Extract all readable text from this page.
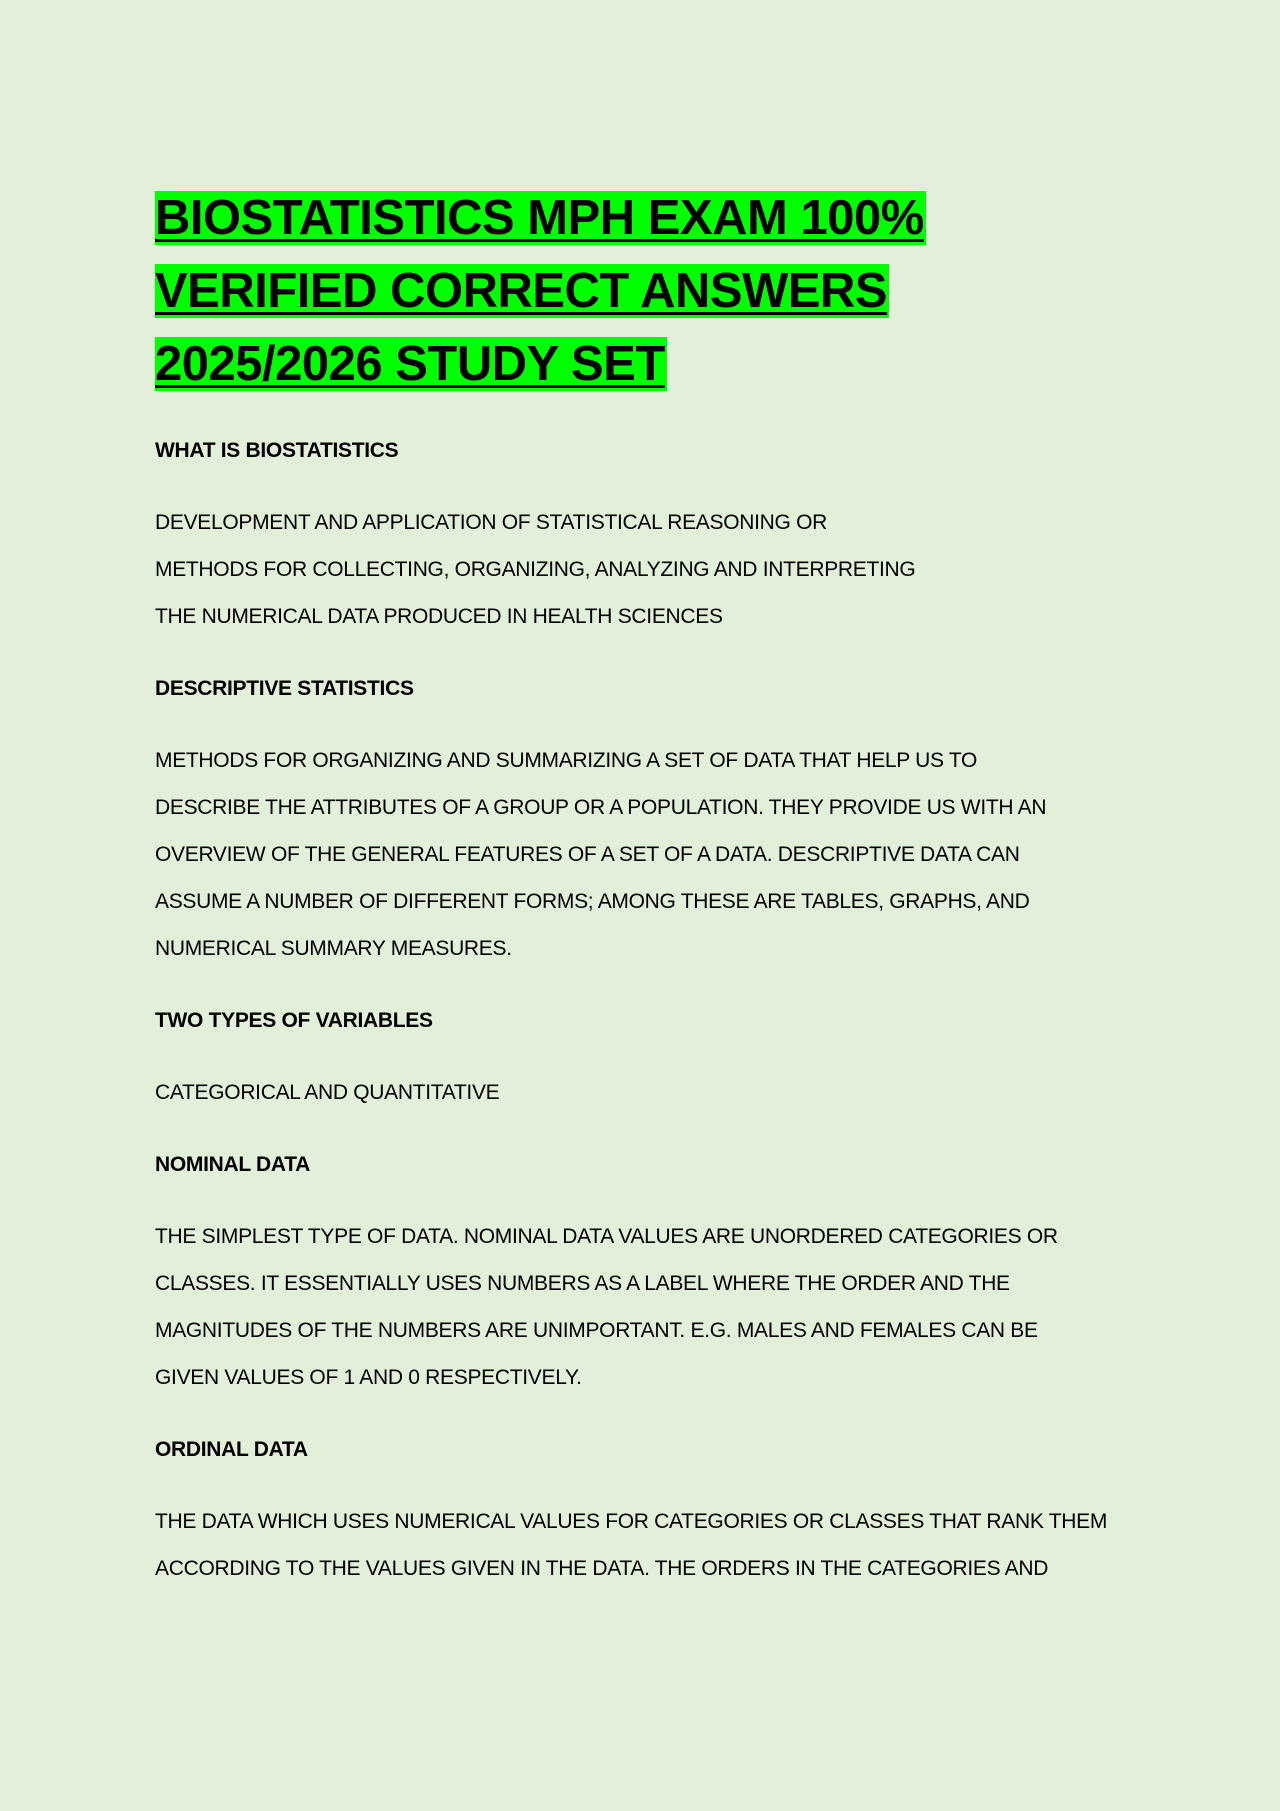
BIOSTATISTICS MPH EXAM 100%
VERIFIED CORRECT ANSWERS
2025/2026 STUDY SET

WHAT IS BIOSTATISTICS

DEVELOPMENT AND APPLICATION OF STATISTICAL REASONING OR
METHODS FOR COLLECTING, ORGANIZING, ANALYZING AND INTERPRETING
THE NUMERICAL DATA PRODUCED IN HEALTH SCIENCES

DESCRIPTIVE STATISTICS

METHODS FOR ORGANIZING AND SUMMARIZING A SET OF DATA THAT HELP US TO
DESCRIBE THE ATTRIBUTES OF A GROUP OR A POPULATION. THEY PROVIDE US WITH AN
OVERVIEW OF THE GENERAL FEATURES OF A SET OF A DATA. DESCRIPTIVE DATA CAN
ASSUME A NUMBER OF DIFFERENT FORMS; AMONG THESE ARE TABLES, GRAPHS, AND
NUMERICAL SUMMARY MEASURES.

TWO TYPES OF VARIABLES

CATEGORICAL AND QUANTITATIVE

NOMINAL DATA

THE SIMPLEST TYPE OF DATA. NOMINAL DATA VALUES ARE UNORDERED CATEGORIES OR
CLASSES. IT ESSENTIALLY USES NUMBERS AS A LABEL WHERE THE ORDER AND THE
MAGNITUDES OF THE NUMBERS ARE UNIMPORTANT. E.G. MALES AND FEMALES CAN BE
GIVEN VALUES OF 1 AND 0 RESPECTIVELY.

ORDINAL DATA

THE DATA WHICH USES NUMERICAL VALUES FOR CATEGORIES OR CLASSES THAT RANK THEM
ACCORDING TO THE VALUES GIVEN IN THE DATA. THE ORDERS IN THE CATEGORIES AND
